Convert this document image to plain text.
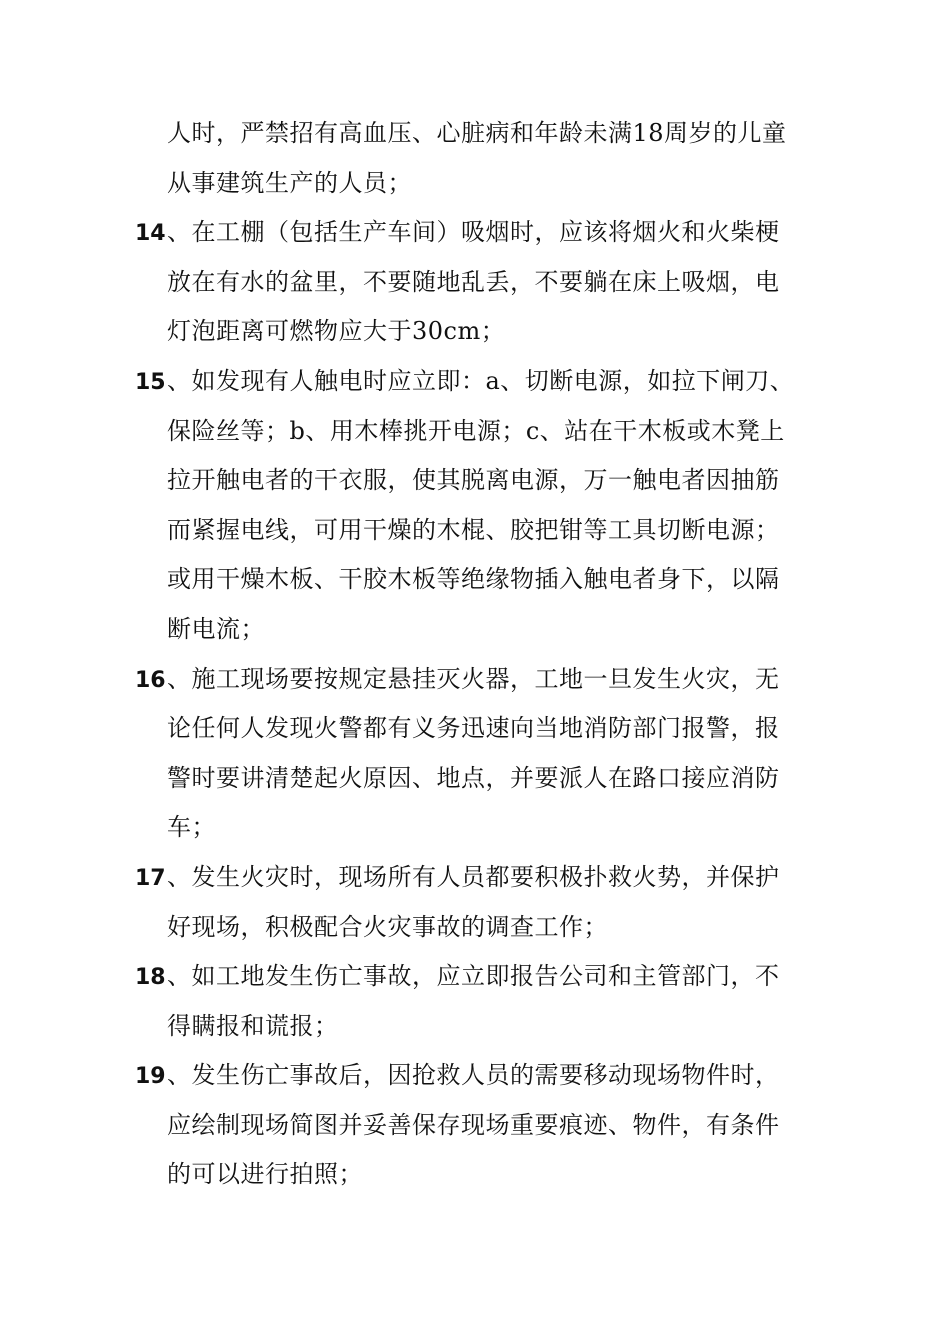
人时，严禁招有高血压、心脏病和年龄未满18周岁的儿童
从事建筑生产的人员；
14、在工棚（包括生产车间）吸烟时，应该将烟火和火柴梗
放在有水的盆里，不要随地乱丢，不要躺在床上吸烟，电
灯泡距离可燃物应大于30cm；
15、如发现有人触电时应立即：a、切断电源，如拉下闸刀、
保险丝等；b、用木棒挑开电源；c、站在干木板或木凳上
拉开触电者的干衣服，使其脱离电源，万一触电者因抽筋
而紧握电线，可用干燥的木棍、胶把钳等工具切断电源；
或用干燥木板、干胶木板等绝缘物插入触电者身下，以隔
断电流；
16、施工现场要按规定悬挂灭火器，工地一旦发生火灾，无
论任何人发现火警都有义务迅速向当地消防部门报警，报
警时要讲清楚起火原因、地点，并要派人在路口接应消防
车；
17、发生火灾时，现场所有人员都要积极扑救火势，并保护
好现场，积极配合火灾事故的调查工作；
18、如工地发生伤亡事故，应立即报告公司和主管部门，不
得瞒报和谎报；
19、发生伤亡事故后，因抢救人员的需要移动现场物件时，
应绘制现场简图并妥善保存现场重要痕迹、物件，有条件
的可以进行拍照；
